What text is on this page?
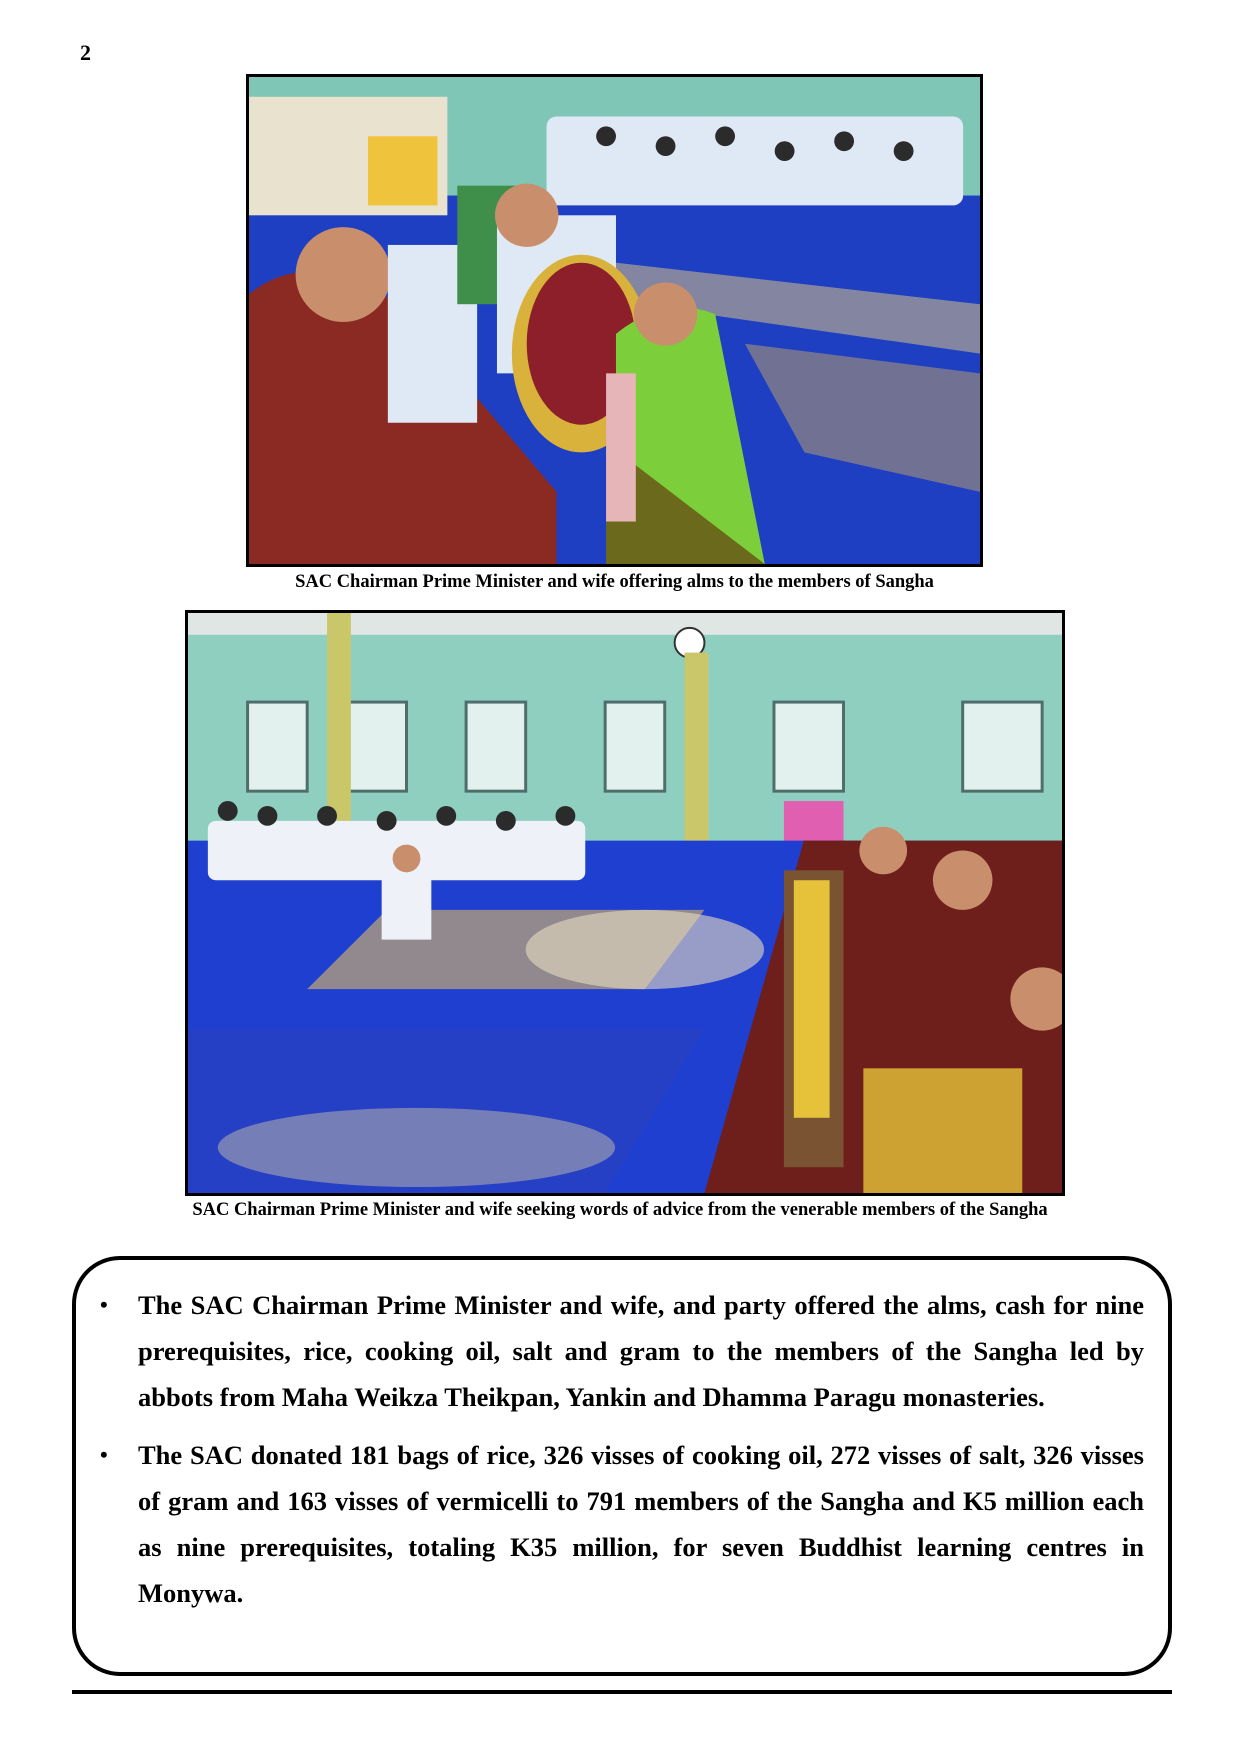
2
SAC Chairman Prime Minister and wife offering alms to the members of Sangha
SAC Chairman Prime Minister and wife seeking words of advice from the venerable members of the Sangha
• The SAC Chairman Prime Minister and wife, and party offered the alms, cash for nine prerequisites, rice, cooking oil, salt and gram to the members of the Sangha led by abbots from Maha Weikza Theikpan, Yankin and Dhamma Paragu monasteries.
• The SAC donated 181 bags of rice, 326 visses of cooking oil, 272 visses of salt, 326 visses of gram and 163 visses of vermicelli to 791 members of the Sangha and K5 million each as nine prerequisites, totaling K35 million, for seven Buddhist learning centres in Monywa.
